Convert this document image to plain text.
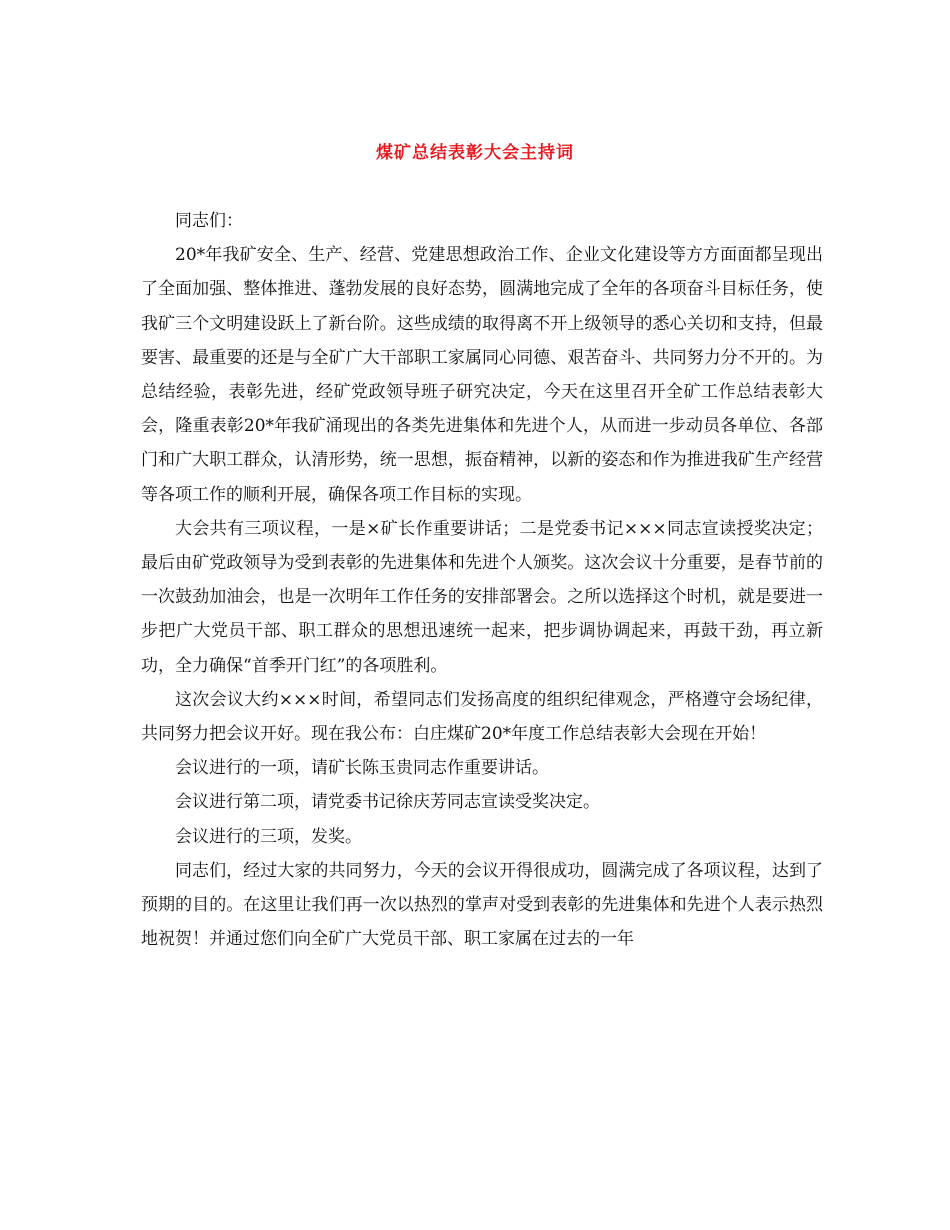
煤矿总结表彰大会主持词

同志们：

20*年我矿安全、生产、经营、党建思想政治工作、企业文化建设等方方面面都呈现出了全面加强、整体推进、蓬勃发展的良好态势，圆满地完成了全年的各项奋斗目标任务，使我矿三个文明建设跃上了新台阶。这些成绩的取得离不开上级领导的悉心关切和支持，但最要害、最重要的还是与全矿广大干部职工家属同心同德、艰苦奋斗、共同努力分不开的。为总结经验，表彰先进，经矿党政领导班子研究决定，今天在这里召开全矿工作总结表彰大会，隆重表彰20*年我矿涌现出的各类先进集体和先进个人，从而进一步动员各单位、各部门和广大职工群众，认清形势，统一思想，振奋精神，以新的姿态和作为推进我矿生产经营等各项工作的顺利开展，确保各项工作目标的实现。

大会共有三项议程，一是×矿长作重要讲话；二是党委书记×××同志宣读授奖决定；最后由矿党政领导为受到表彰的先进集体和先进个人颁奖。这次会议十分重要，是春节前的一次鼓劲加油会，也是一次明年工作任务的安排部署会。之所以选择这个时机，就是要进一步把广大党员干部、职工群众的思想迅速统一起来，把步调协调起来，再鼓干劲，再立新功，全力确保“首季开门红”的各项胜利。

这次会议大约×××时间，希望同志们发扬高度的组织纪律观念，严格遵守会场纪律，共同努力把会议开好。现在我公布：白庄煤矿20*年度工作总结表彰大会现在开始！

会议进行的一项，请矿长陈玉贵同志作重要讲话。

会议进行第二项，请党委书记徐庆芳同志宣读受奖决定。

会议进行的三项，发奖。

同志们，经过大家的共同努力，今天的会议开得很成功，圆满完成了各项议程，达到了预期的目的。在这里让我们再一次以热烈的掌声对受到表彰的先进集体和先进个人表示热烈地祝贺！并通过您们向全矿广大党员干部、职工家属在过去的一年
